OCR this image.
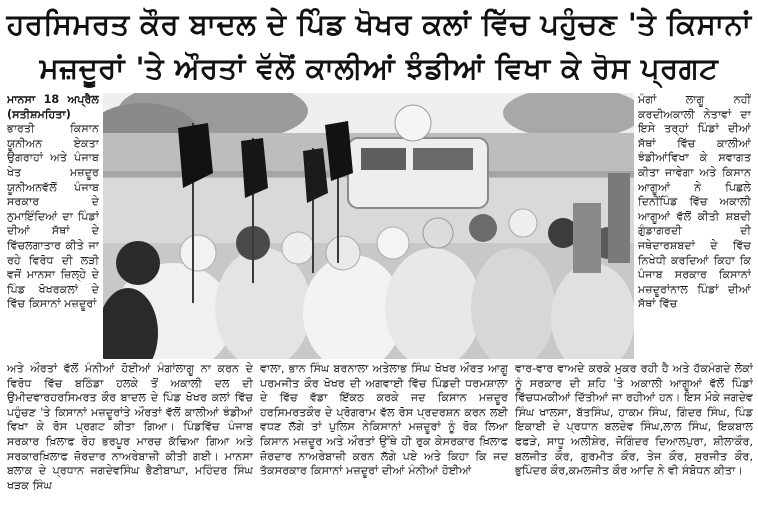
ਹਰਸਿਮਰਤ ਕੌਰ ਬਾਦਲ ਦੇ ਪਿੰਡ ਖੋਖਰ ਕਲਾਂ ਵਿੱਚ ਪਹੁੰਚਣ 'ਤੇ ਕਿਸਾਨਾਂ
ਮਜ਼ਦੂਰਾਂ 'ਤੇ ਔਰਤਾਂ ਵੱਲੋਂ ਕਾਲੀਆਂ ਝੰਡੀਆਂ ਵਿਖਾ ਕੇ ਰੋਸ ਪ੍ਰਗਟ

ਮਾਨਸਾ 18 ਅਪ੍ਰੈਲ (ਸਤੀਸ਼ਮਹਿਤਾ) ਭਾਰਤੀ ਕਿਸਾਨ ਯੂਨੀਅਨ ਏਕਤਾ ਉਗਰਾਹਾਂ ਅਤੇ ਪੰਜਾਬ ਖੇਤ ਮਜ਼ਦੂਰ ਯੂਨੀਅਨਵੱਲੋਂ ਪੰਜਾਬ ਸਰਕਾਰ ਦੇ ਨੁਮਾਇੰਦਿਆਂ ਦਾ ਪਿੰਡਾਂ ਦੀਆਂ ਸੱਥਾਂ ਦੇ ਵਿੱਚਲਗਾਤਾਰ ਕੀਤੇ ਜਾ ਰਹੇ ਵਿਰੋਧ ਦੀ ਲੜੀ ਵਜੋਂ ਮਾਨਸਾ ਜ਼ਿਲ੍ਹੇ ਦੇ ਪਿੰਡ ਖੋਖਰਕਲਾਂ ਦੇ ਵਿੱਚ ਕਿਸਾਨਾਂ ਮਜ਼ਦੂਰਾਂ

ਮੰਗਾਂ ਲਾਗੂ ਨਹੀਂ ਕਰਦੀਅਕਾਲੀ ਨੇਤਾਵਾਂ ਦਾ ਇਸੇ ਤਰ੍ਹਾਂ ਪਿੰਡਾਂ ਦੀਆਂ ਸੱਥਾਂ ਵਿੱਚ ਕਾਲੀਆਂ ਝੰਡੀਆਂਵਿਖਾ ਕੇ ਸਵਾਗਤ ਕੀਤਾ ਜਾਵੇਗਾ ਅਤੇ ਕਿਸਾਨ ਆਗੂਆਂ ਨੇ ਪਿਛਲੇ ਦਿਨੀਂਪਿੰਡ ਵਿੱਚ ਅਕਾਲੀ ਆਗੂਆਂ ਵੱਲੋਂ ਕੀਤੀ ਸ਼ਬਦੀ ਗੁੰਡਾਗਰਦੀ ਦੀ ਜਥੇਦਾਰਸ਼ਬਦਾਂ ਦੇ ਵਿੱਚ ਨਿਖੇਧੀ ਕਰਦਿਆਂ ਕਿਹਾ ਕਿ ਪੰਜਾਬ ਸਰਕਾਰ ਕਿਸਾਨਾਂ ਮਜ਼ਦੂਰਾਂਨਾਲ ਪਿੰਡਾਂ ਦੀਆਂ ਸੱਥਾਂ ਵਿੱਚ

ਅਤੇ ਔਰਤਾਂ ਵੱਲੋਂ ਮੰਨੀਆਂ ਹੋਈਆਂ ਮੰਗਾਂਲਾਗੂ ਨਾ ਕਰਨ ਦੇ ਵਿਰੋਧ ਵਿੱਚ ਬਠਿੰਡਾ ਹਲਕੇ ਤੋਂ ਅਕਾਲੀ ਦਲ ਦੀ ਉਮੀਦਵਾਰਹਰਸਿਮਰਤ ਕੌਰ ਬਾਦਲ ਦੇ ਪਿੰਡ ਖੋਖਰ ਕਲਾਂ ਵਿੱਚ ਪਹੁੰਚਣ 'ਤੇ ਕਿਸਾਨਾਂ ਮਜ਼ਦੂਰਾਂਤੇ ਔਰਤਾਂ ਵੱਲੋਂ ਕਾਲੀਆਂ ਝੰਡੀਆਂ ਵਿਖਾ ਕੇ ਰੋਸ ਪ੍ਰਗਟ ਕੀਤਾ ਗਿਆ। ਪਿੰਡਵਿੱਚ ਪੰਜਾਬ ਸਰਕਾਰ ਖ਼ਿਲਾਫ ਰੋਹ ਭਰਪੂਰ ਮਾਰਚ ਕੱਢਿਆ ਗਿਆ ਅਤੇ ਸਰਕਾਰਖ਼ਿਲਾਫ ਜ਼ੋਰਦਾਰ ਨਾਅਰੇਬਾਜ਼ੀ ਕੀਤੀ ਗਈ। ਮਾਨਸਾ ਬਲਾਕ ਦੇ ਪ੍ਰਧਾਨ ਜਗਦੇਵਸਿੰਘ ਭੈਣੀਬਾਘਾ, ਮਹਿੰਦਰ ਸਿੰਘ ਖੜਕ ਸਿੰਘ

ਵਾਲਾ, ਭਾਨ ਸਿੰਘ ਬਰਨਾਲਾ ਅਤੇਲਾਭ ਸਿੰਘ ਖੋਖਰ ਔਰਤ ਆਗੂ ਪਰਮਜੀਤ ਕੌਰ ਖੋਖਰ ਦੀ ਅਗਵਾਈ ਵਿੱਚ ਪਿੰਡਦੀ ਧਰਮਸ਼ਾਲਾ ਦੇ ਵਿੱਚ ਵੱਡਾ ਇੱਕਠ ਕਰਕੇ ਜਦ ਕਿਸਾਨ ਮਜ਼ਦੂਰ ਹਰਸਿਮਰਤਕੌਰ ਦੇ ਪ੍ਰੋਗਰਾਮ ਵੱਲ ਰੋਸ ਪ੍ਰਦਰਸ਼ਨ ਕਰਨ ਲਈ ਵਧਣ ਲੱਗੇ ਤਾਂ ਪੁਲਿਸ ਨੇਕਿਸਾਨਾਂ ਮਜ਼ਦੂਰਾਂ ਨੂੰ ਰੋਕ ਲਿਆ ਕਿਸਾਨ ਮਜ਼ਦੂਰ ਅਤੇ ਔਰਤਾਂ ਉੱਥੇ ਹੀ ਰੁਕ ਕੇਸਰਕਾਰ ਖ਼ਿਲਾਫ ਜ਼ੋਰਦਾਰ ਨਾਅਰੇਬਾਜ਼ੀ ਕਰਨ ਲੱਗੇ ਪਏ ਅਤੇ ਕਿਹਾ ਕਿ ਜਦ ਤੱਕਸਰਕਾਰ ਕਿਸਾਨਾਂ ਮਜ਼ਦੂਰਾਂ ਦੀਆਂ ਮੰਨੀਆਂ ਹੋਈਆਂ

ਵਾਰ-ਵਾਰ ਵਾਅਦੇ ਕਰਕੇ ਮੁਕਰ ਰਹੀ ਹੈ ਅਤੇ ਹੱਕਮੰਗਦੇ ਲੋਕਾਂ ਨੂੰ ਸਰਕਾਰ ਦੀ ਸ਼ਹਿ 'ਤੇ ਅਕਾਲੀ ਆਗੂਆਂ ਵੱਲੋਂ ਪਿੰਡਾਂ ਵਿੱਚਧਮਕੀਆਂ ਦਿੱਤੀਆਂ ਜਾ ਰਹੀਆਂ ਹਨ। ਇਸ ਮੌਕੇ ਜਗਦੇਵ ਸਿੰਘ ਖਾਲਸਾ, ਬੱਤਸਿੰਘ, ਹਾਕਮ ਸਿੰਘ, ਗਿੰਦਰ ਸਿੰਘ, ਪਿੰਡ ਇਕਾਈ ਦੇ ਪ੍ਰਧਾਨ ਬਲਦੇਵ ਸਿੰਘ,ਲਾਲ ਸਿੰਘ, ਇਕਬਾਲ ਫਫੜੇ, ਸਾਧੂ ਅਲੀਸ਼ੇਰ, ਜੋਗਿੰਦਰ ਦਿਆਲਪੁਰਾ, ਸ਼ੀਲਾਕੌਰ, ਬਲਜੀਤ ਕੌਰ, ਗੁਰਮੀਤ ਕੌਰ, ਤੇਜ ਕੌਰ, ਸੁਰਜੀਤ ਕੌਰ, ਭੁਪਿੰਦਰ ਕੌਰ,ਕਮਲਜੀਤ ਕੌਰ ਆਦਿ ਨੇ ਵੀ ਸੰਬੋਧਨ ਕੀਤਾ।
